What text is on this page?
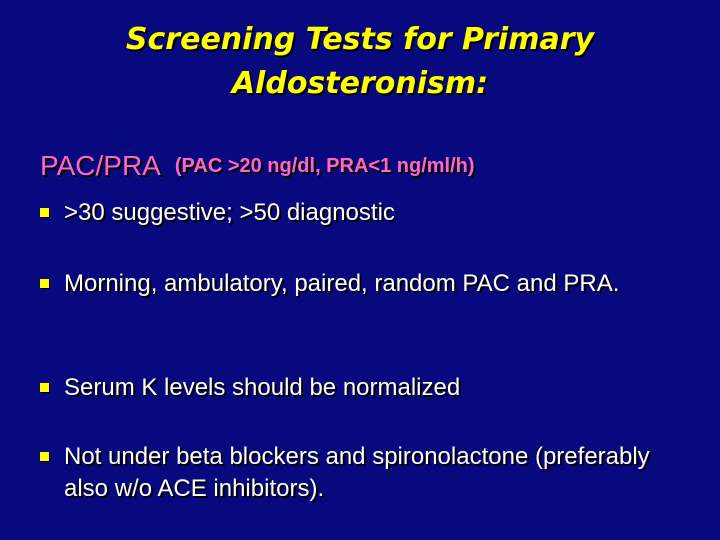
Screening Tests for Primary
Aldosteronism:
PAC/PRA (PAC >20 ng/dl, PRA<1 ng/ml/h)
>30 suggestive; >50 diagnostic
Morning, ambulatory, paired, random PAC and PRA.
Serum K levels should be normalized
Not under beta blockers and spironolactone (preferably also w/o ACE inhibitors).
